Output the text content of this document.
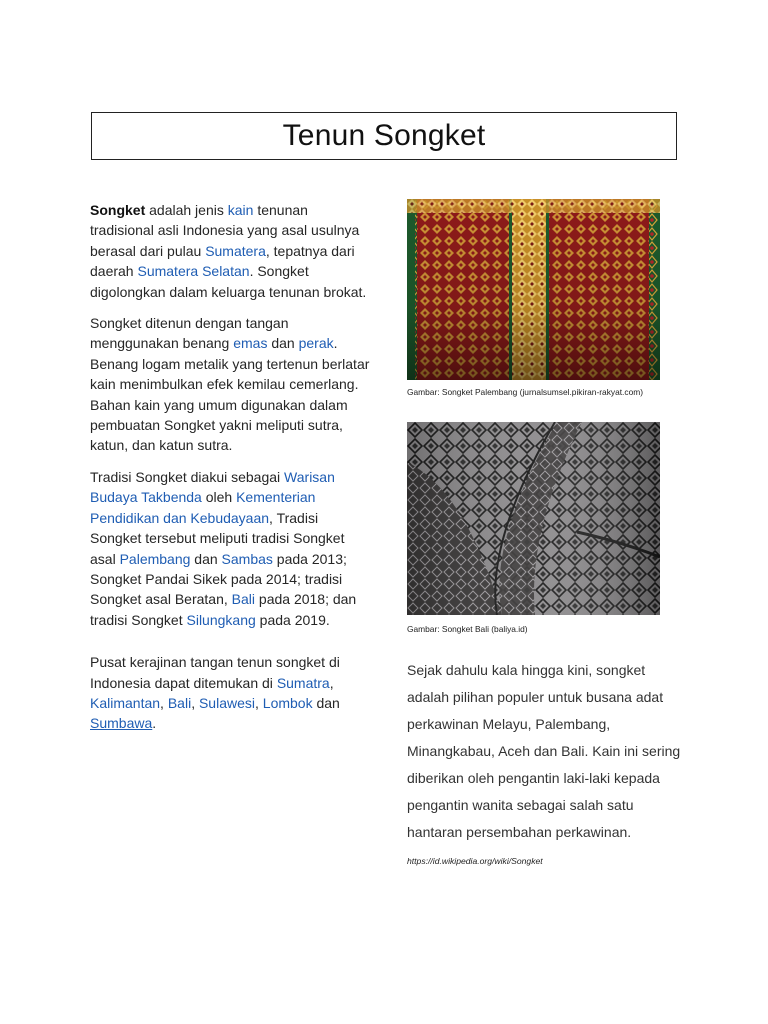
Tenun Songket

Songket adalah jenis kain tenunan tradisional asli Indonesia yang asal usulnya berasal dari pulau Sumatera, tepatnya dari daerah Sumatera Selatan. Songket digolongkan dalam keluarga tenunan brokat.

Songket ditenun dengan tangan menggunakan benang emas dan perak. Benang logam metalik yang tertenun berlatar kain menimbulkan efek kemilau cemerlang. Bahan kain yang umum digunakan dalam pembuatan Songket yakni meliputi sutra, katun, dan katun sutra.

Tradisi Songket diakui sebagai Warisan Budaya Takbenda oleh Kementerian Pendidikan dan Kebudayaan, Tradisi Songket tersebut meliputi tradisi Songket asal Palembang dan Sambas pada 2013; Songket Pandai Sikek pada 2014; tradisi Songket asal Beratan, Bali pada 2018; dan tradisi Songket Silungkang pada 2019.

Pusat kerajinan tangan tenun songket di Indonesia dapat ditemukan di Sumatra, Kalimantan, Bali, Sulawesi, Lombok dan Sumbawa.

Gambar: Songket Palembang (jurnalsumsel.pikiran-rakyat.com)
Gambar: Songket Bali (baliya.id)
Sejak dahulu kala hingga kini, songket adalah pilihan populer untuk busana adat perkawinan Melayu, Palembang, Minangkabau, Aceh dan Bali. Kain ini sering diberikan oleh pengantin laki-laki kepada pengantin wanita sebagai salah satu hantaran persembahan perkawinan. https://id.wikipedia.org/wiki/Songket
